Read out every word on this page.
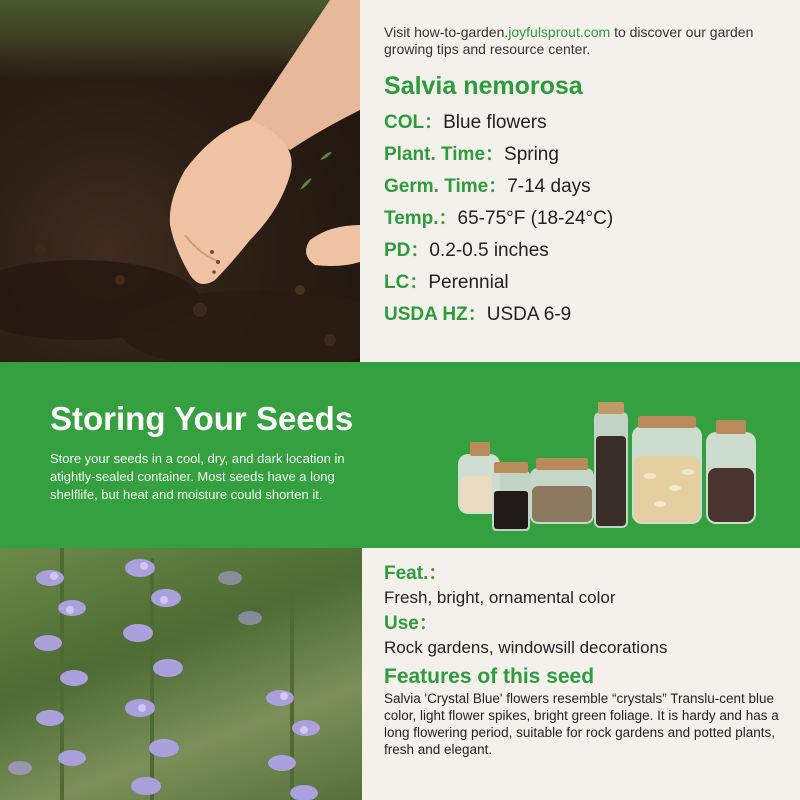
Visit how-to-garden.joyfulsprout.com to discover our garden growing tips and resource center.
Salvia nemorosa
COL：Blue flowers
Plant. Time：Spring
Germ. Time：7-14 days
Temp.：65-75°F (18-24°C)
PD：0.2-0.5 inches
LC：Perennial
USDA HZ：USDA 6-9
Storing Your Seeds
Store your seeds in a cool, dry, and dark location in atightly-sealed container. Most seeds have a long shelflife, but heat and moisture could shorten it.
Feat.：
Fresh, bright, ornamental color
Use：
Rock gardens, windowsill decorations
Features of this seed
Salvia 'Crystal Blue' flowers resemble “crystals” Translu-cent blue color, light flower spikes, bright green foliage. It is hardy and has a long flowering period, suitable for rock gardens and potted plants, fresh and elegant.
